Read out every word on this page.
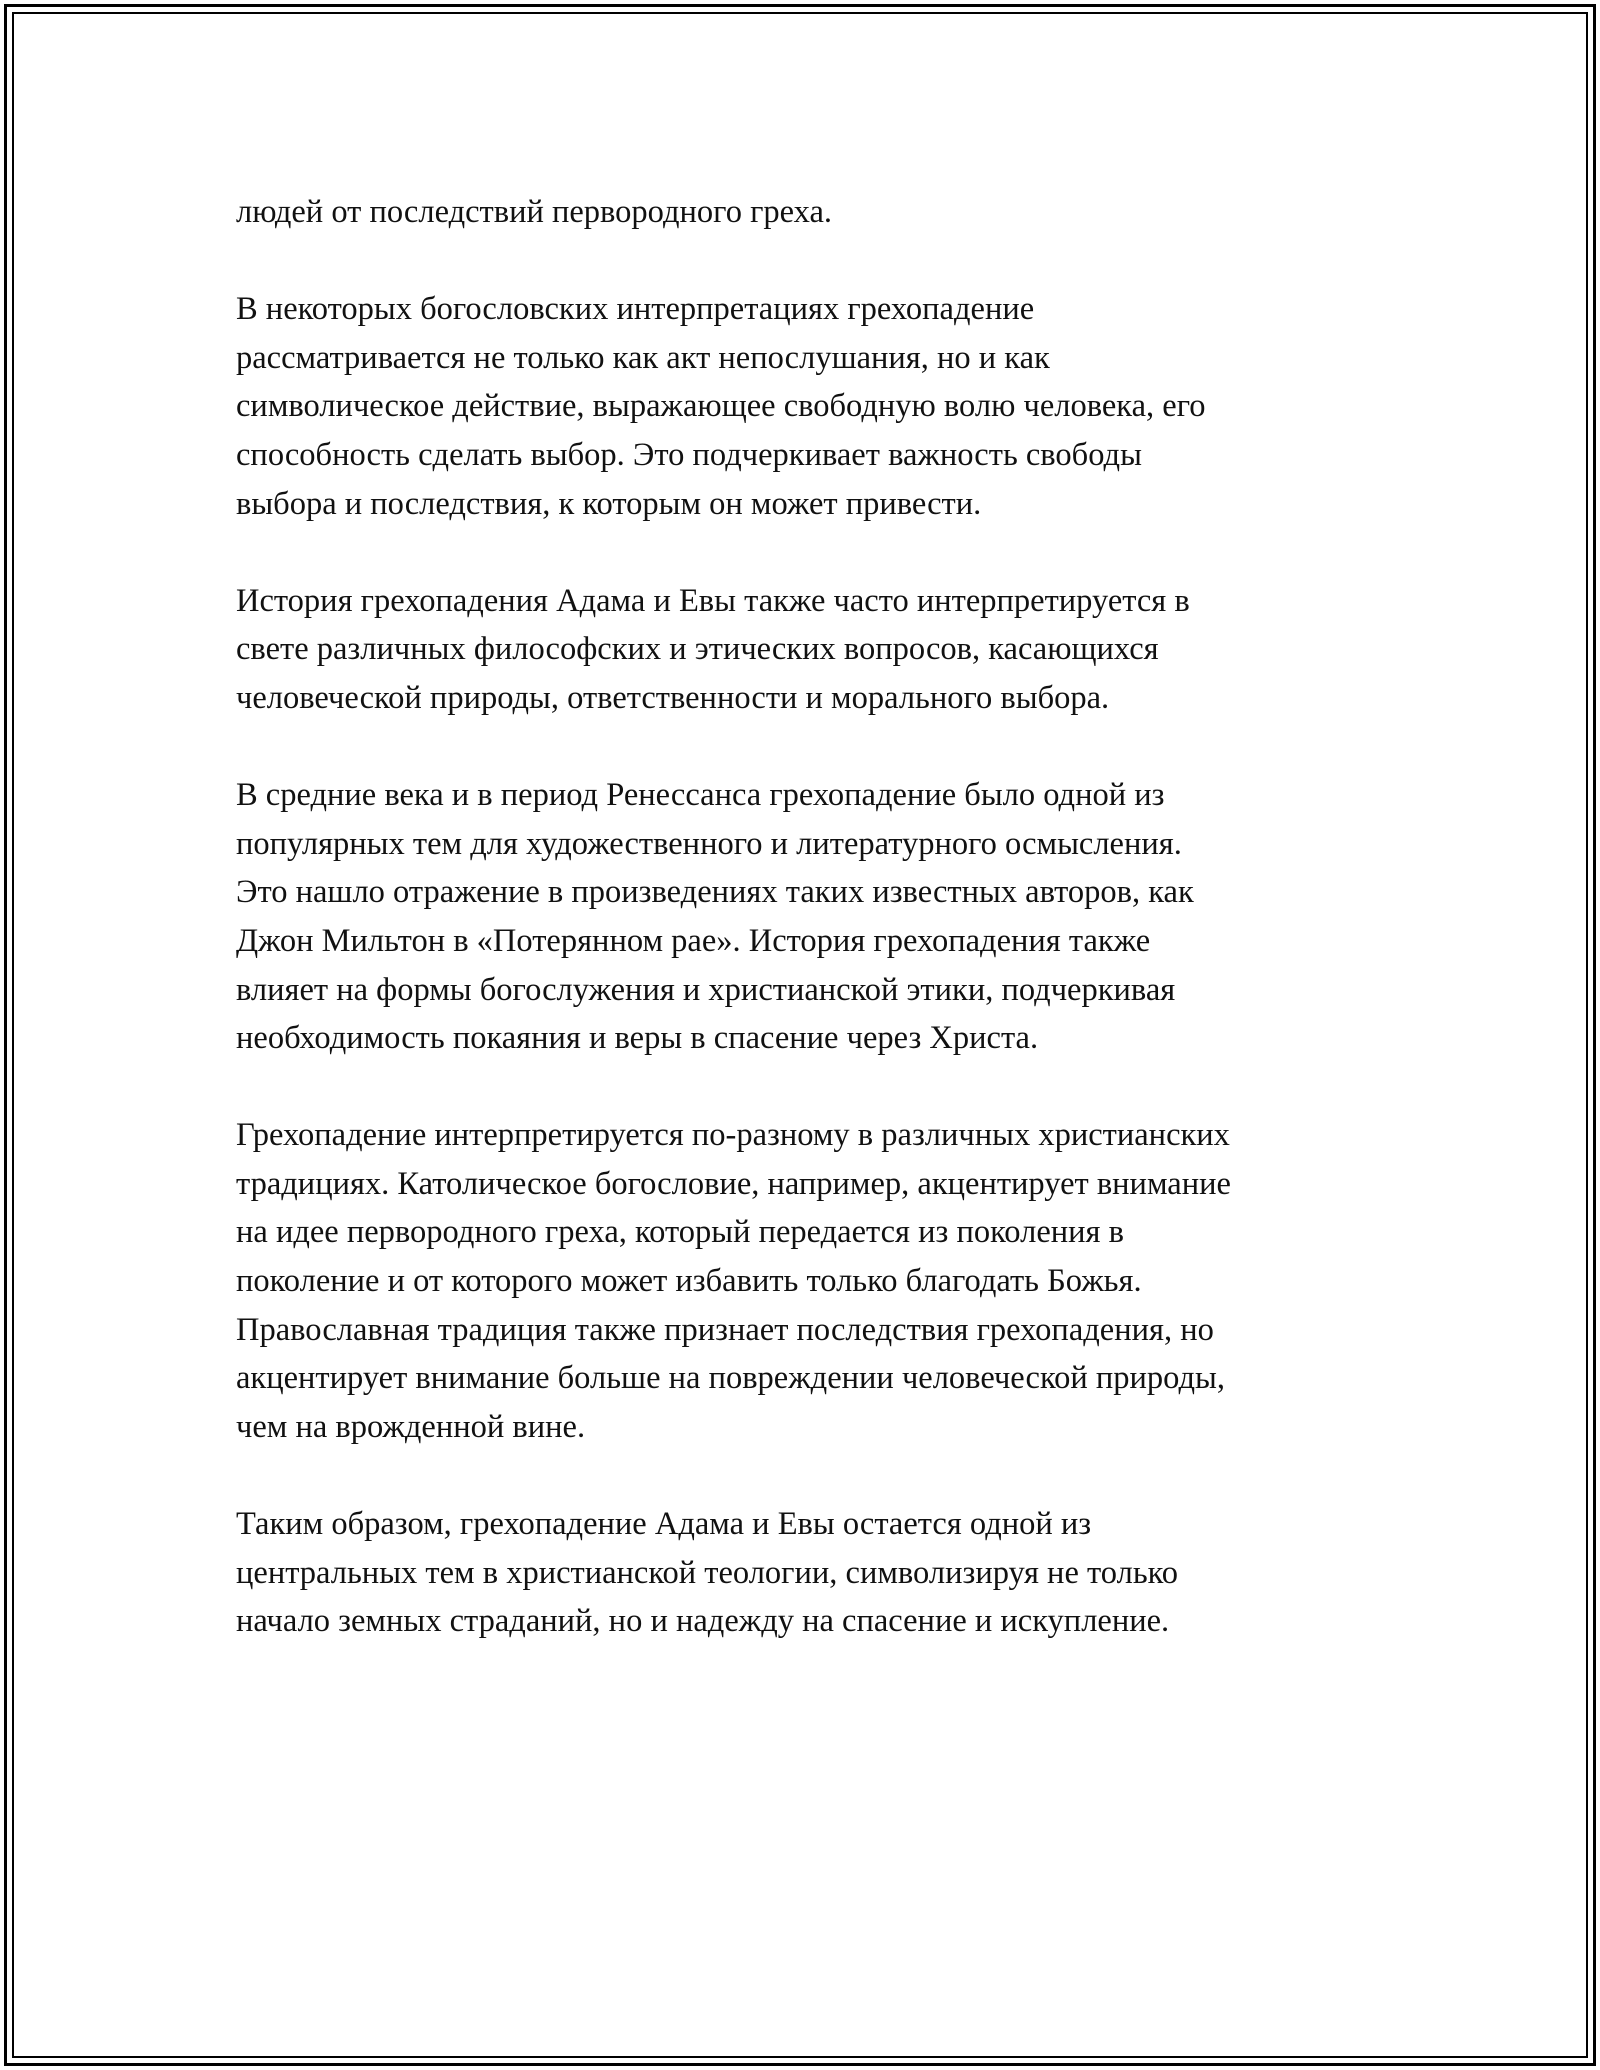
людей от последствий первородного греха.

В некоторых богословских интерпретациях грехопадение
рассматривается не только как акт непослушания, но и как
символическое действие, выражающее свободную волю человека, его
способность сделать выбор. Это подчеркивает важность свободы
выбора и последствия, к которым он может привести.

История грехопадения Адама и Евы также часто интерпретируется в
свете различных философских и этических вопросов, касающихся
человеческой природы, ответственности и морального выбора.

В средние века и в период Ренессанса грехопадение было одной из
популярных тем для художественного и литературного осмысления.
Это нашло отражение в произведениях таких известных авторов, как
Джон Мильтон в «Потерянном рае». История грехопадения также
влияет на формы богослужения и христианской этики, подчеркивая
необходимость покаяния и веры в спасение через Христа.

Грехопадение интерпретируется по-разному в различных христианских
традициях. Католическое богословие, например, акцентирует внимание
на идее первородного греха, который передается из поколения в
поколение и от которого может избавить только благодать Божья.
Православная традиция также признает последствия грехопадения, но
акцентирует внимание больше на повреждении человеческой природы,
чем на врожденной вине.

Таким образом, грехопадение Адама и Евы остается одной из
центральных тем в христианской теологии, символизируя не только
начало земных страданий, но и надежду на спасение и искупление.
